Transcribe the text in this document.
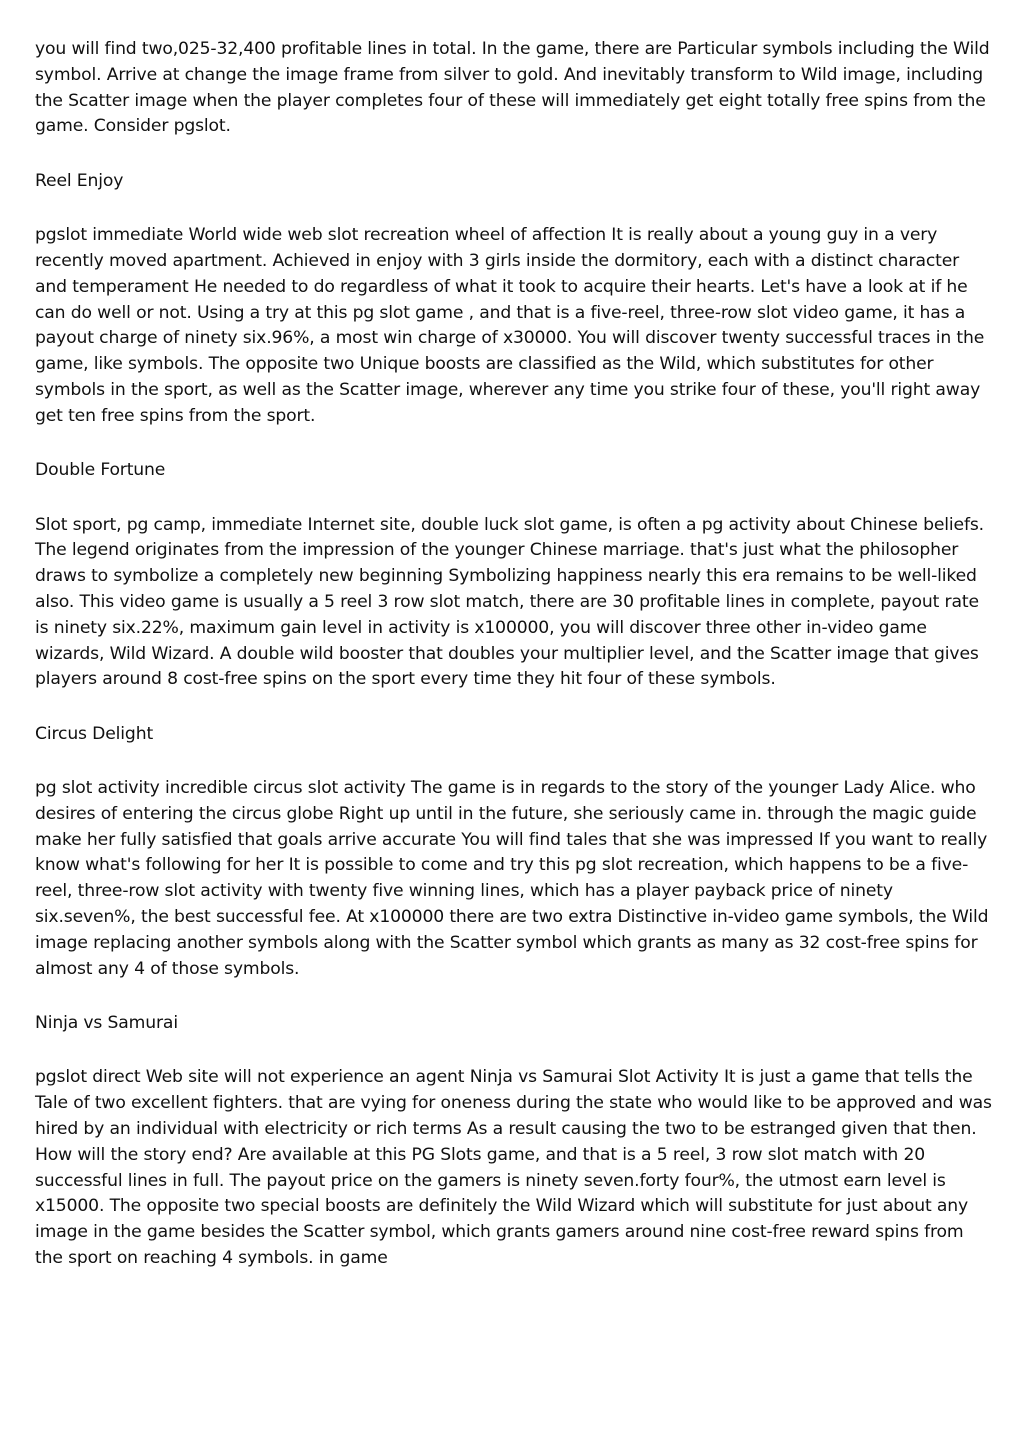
you will find two,025-32,400 profitable lines in total. In the game, there are Particular symbols including the Wild symbol. Arrive at change the image frame from silver to gold. And inevitably transform to Wild image, including the Scatter image when the player completes four of these will immediately get eight totally free spins from the game. Consider pgslot.

Reel Enjoy

pgslot immediate World wide web slot recreation wheel of affection It is really about a young guy in a very recently moved apartment. Achieved in enjoy with 3 girls inside the dormitory, each with a distinct character and temperament He needed to do regardless of what it took to acquire their hearts. Let's have a look at if he can do well or not. Using a try at this pg slot game , and that is a five-reel, three-row slot video game, it has a payout charge of ninety six.96%, a most win charge of x30000. You will discover twenty successful traces in the game, like symbols. The opposite two Unique boosts are classified as the Wild, which substitutes for other symbols in the sport, as well as the Scatter image, wherever any time you strike four of these, you'll right away get ten free spins from the sport.

Double Fortune

Slot sport, pg camp, immediate Internet site, double luck slot game, is often a pg activity about Chinese beliefs. The legend originates from the impression of the younger Chinese marriage. that's just what the philosopher draws to symbolize a completely new beginning Symbolizing happiness nearly this era remains to be well-liked also. This video game is usually a 5 reel 3 row slot match, there are 30 profitable lines in complete, payout rate is ninety six.22%, maximum gain level in activity is x100000, you will discover three other in-video game wizards, Wild Wizard. A double wild booster that doubles your multiplier level, and the Scatter image that gives players around 8 cost-free spins on the sport every time they hit four of these symbols.

Circus Delight

pg slot activity incredible circus slot activity The game is in regards to the story of the younger Lady Alice. who desires of entering the circus globe Right up until in the future, she seriously came in. through the magic guide make her fully satisfied that goals arrive accurate You will find tales that she was impressed If you want to really know what's following for her It is possible to come and try this pg slot recreation, which happens to be a five-reel, three-row slot activity with twenty five winning lines, which has a player payback price of ninety six.seven%, the best successful fee. At x100000 there are two extra Distinctive in-video game symbols, the Wild image replacing another symbols along with the Scatter symbol which grants as many as 32 cost-free spins for almost any 4 of those symbols.

Ninja vs Samurai

pgslot direct Web site will not experience an agent Ninja vs Samurai Slot Activity It is just a game that tells the Tale of two excellent fighters. that are vying for oneness during the state who would like to be approved and was hired by an individual with electricity or rich terms As a result causing the two to be estranged given that then. How will the story end? Are available at this PG Slots game, and that is a 5 reel, 3 row slot match with 20 successful lines in full. The payout price on the gamers is ninety seven.forty four%, the utmost earn level is x15000. The opposite two special boosts are definitely the Wild Wizard which will substitute for just about any image in the game besides the Scatter symbol, which grants gamers around nine cost-free reward spins from the sport on reaching 4 symbols. in game
